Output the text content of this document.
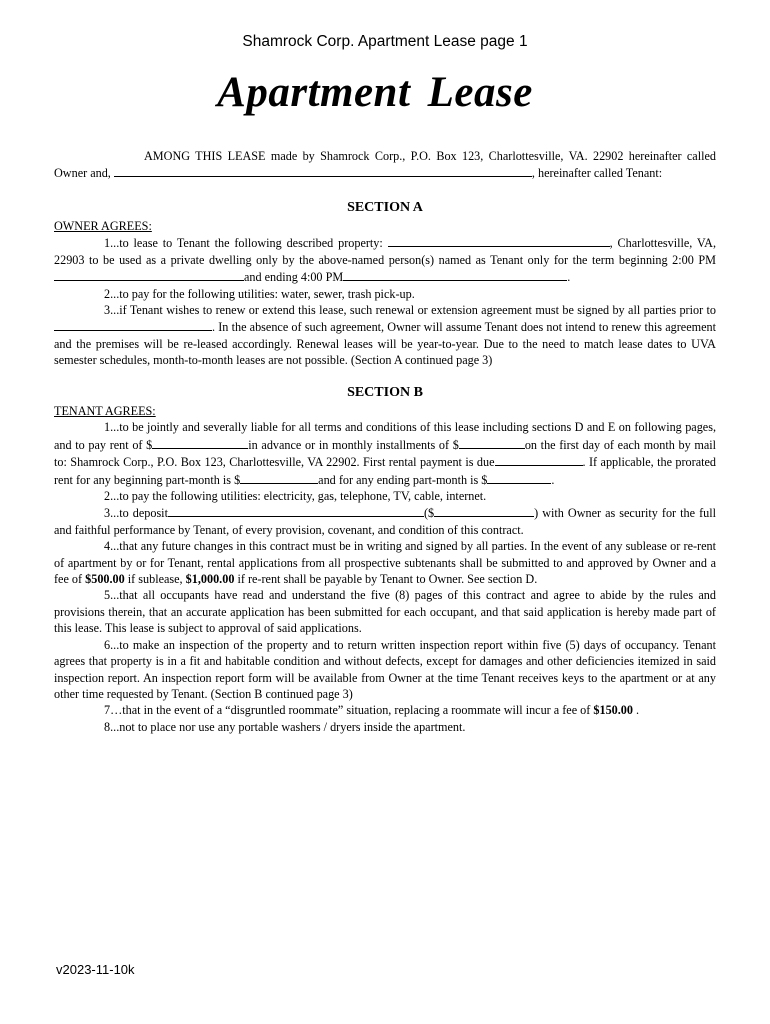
Shamrock Corp. Apartment Lease page 1
Apartment Lease
AMONG THIS LEASE made by Shamrock Corp., P.O. Box 123, Charlottesville, VA. 22902 hereinafter called Owner and,	, hereinafter called Tenant:
SECTION A

OWNER AGREES:

1...to lease to Tenant the following described property:	, Charlottesville, VA, 22903 to be used as a private dwelling only by the above-named person(s) named as Tenant only for the term beginning 2:00 PM and ending 4:00 PM	.

2...to pay for the following utilities: water, sewer, trash pick-up.

3...if Tenant wishes to renew or extend this lease, such renewal or extension agreement must be signed by all parties prior to . In the absence of such agreement, Owner will assume Tenant does not intend to renew this agreement and the premises will be re-leased accordingly. Renewal leases will be year-to-year. Due to the need to match lease dates to UVA semester schedules, month-to-month leases are not possible. (Section A continued page 3)

SECTION B

TENANT AGREES:

1...to be jointly and severally liable for all terms and conditions of this lease including sections D and E on following pages, and to pay rent of $	in advance or in monthly installments of $	on the first day of each month by mail to: Shamrock Corp., P.O. Box 123, Charlottesville, VA 22902. First rental payment is due	. If applicable, the prorated rent for any beginning part-month is $	and for any ending part-month is $	.

2...to pay the following utilities: electricity, gas, telephone, TV, cable, internet.

3...to deposit	($	) with Owner as security for the full and faithful performance by Tenant, of every provision, covenant, and condition of this contract.

4...that any future changes in this contract must be in writing and signed by all parties. In the event of any sublease or re-rent of apartment by or for Tenant, rental applications from all prospective subtenants shall be submitted to and approved by Owner and a fee of $500.00 if sublease, $1,000.00 if re-rent shall be payable by Tenant to Owner. See section D.

5...that all occupants have read and understand the five (8) pages of this contract and agree to abide by the rules and provisions therein, that an accurate application has been submitted for each occupant, and that said application is hereby made part of this lease. This lease is subject to approval of said applications.

6...to make an inspection of the property and to return written inspection report within five (5) days of occupancy. Tenant agrees that property is in a fit and habitable condition and without defects, except for damages and other deficiencies itemized in said inspection report. An inspection report form will be available from Owner at the time Tenant receives keys to the apartment or at any other time requested by Tenant. (Section B continued page 3)

7…that in the event of a “disgruntled roommate” situation, replacing a roommate will incur a fee of $150.00 .

8...not to place nor use any portable washers / dryers inside the apartment.

v2023-11-10k
